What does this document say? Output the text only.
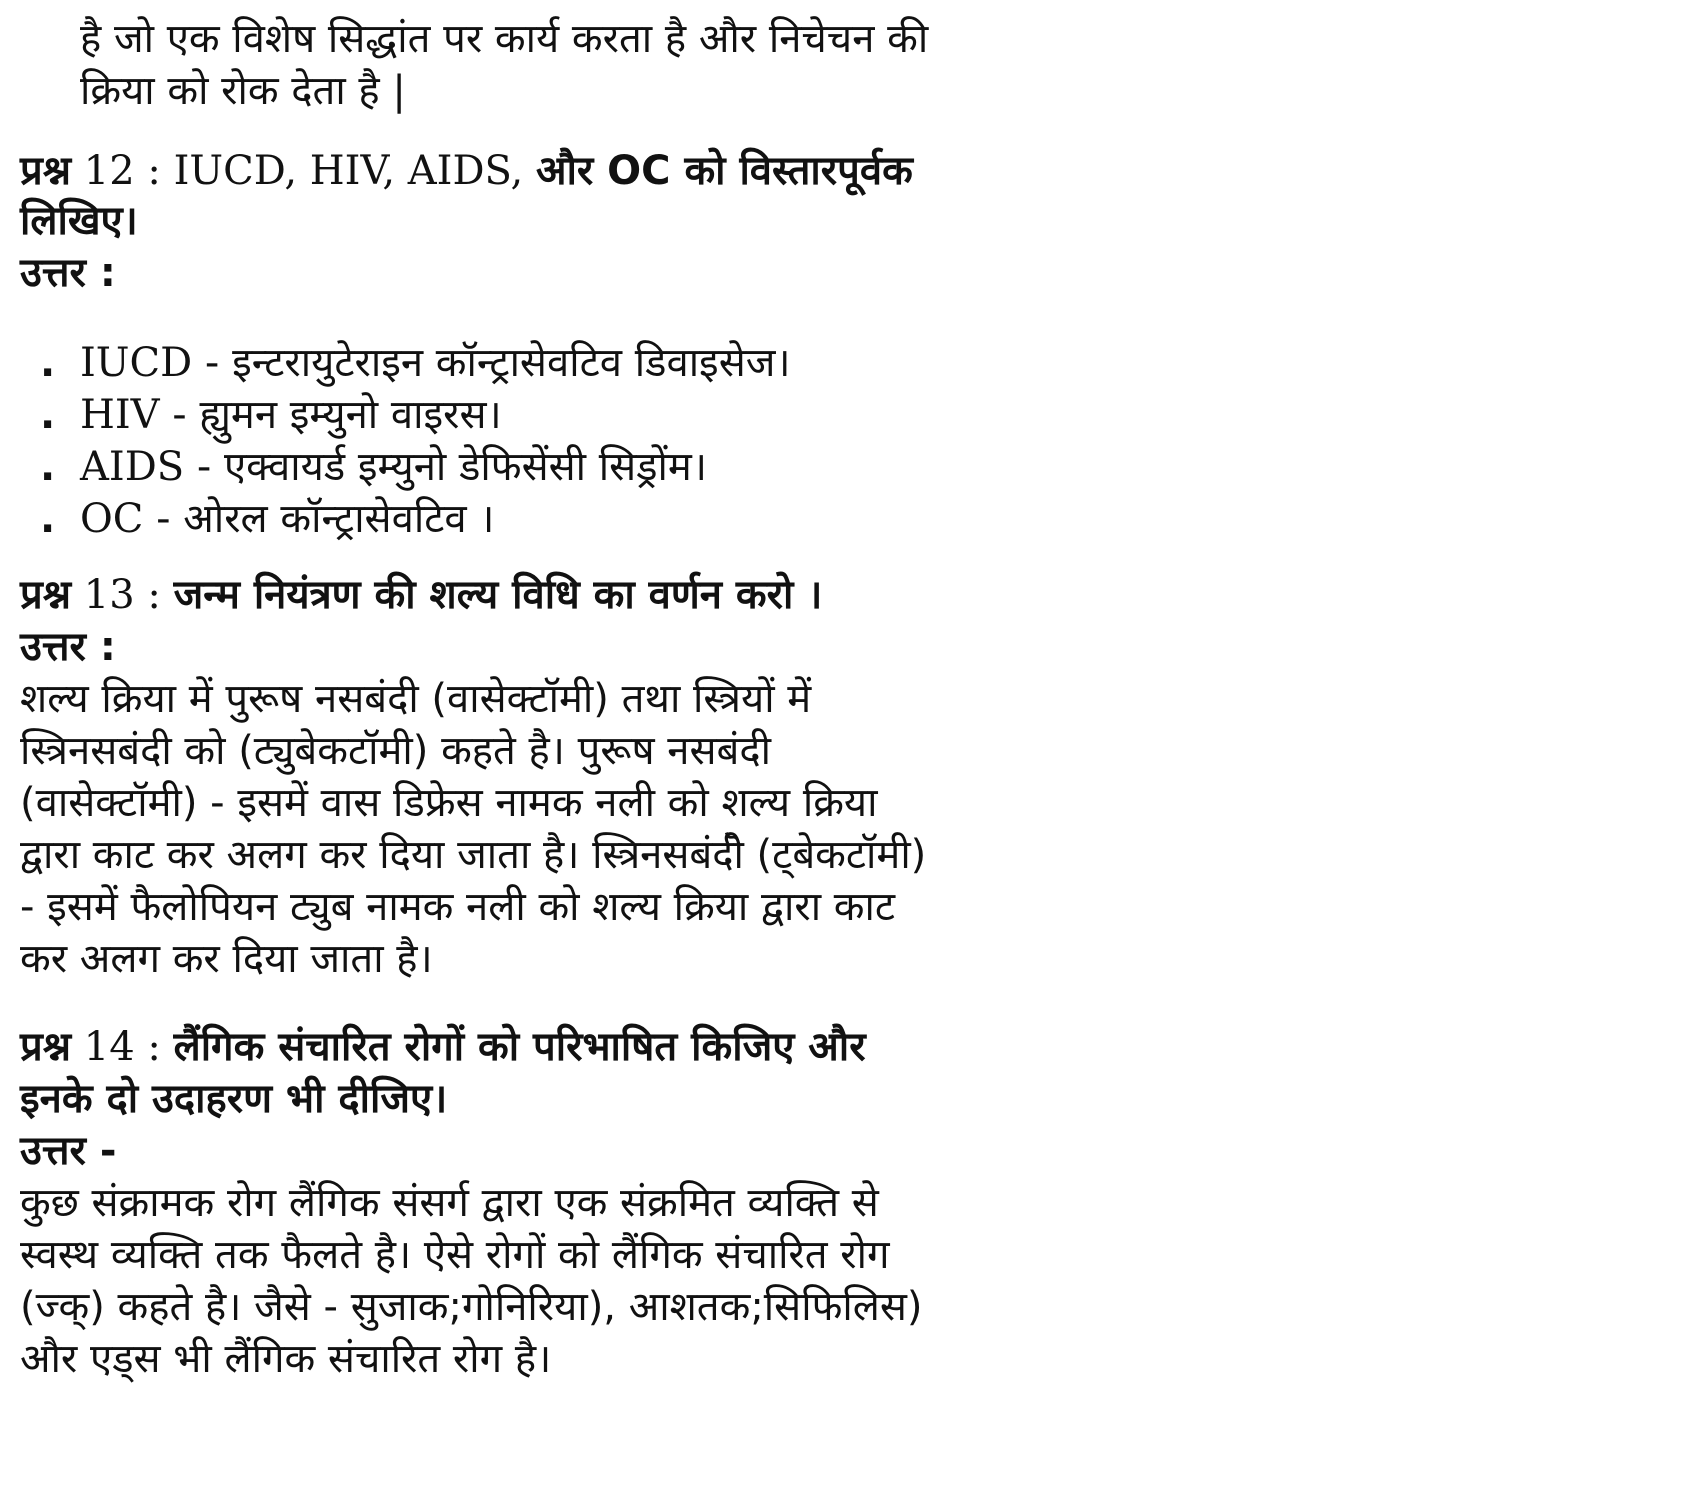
है जो एक विशेष सिद्धांत पर कार्य करता है और निचेचन की
क्रिया को रोक देता है |
प्रश्न 12 : IUCD, HIV, AIDS, और OC को विस्तारपूर्वक
लिखिए।
उत्तर :
. IUCD - इन्टरायुटेराइन कॉन्ट्रासेवटिव डिवाइसेज।
. HIV - ह्युमन इम्युनो वाइरस।
. AIDS - एक्वायर्ड इम्युनो डेफिसेंसी सिड्रोंम।
. OC - ओरल कॉन्ट्रासेवटिव ।
प्रश्न 13 : जन्म नियंत्रण की शल्य विधि का वर्णन करो ।
उत्तर :
शल्य क्रिया में पुरूष नसबंदी (वासेक्टॉमी) तथा स्त्रियों में
स्त्रिनसबंदी को (ट्युबेकटॉमी) कहते है। पुरूष नसबंदी
(वासेक्टॉमी) - इसमें वास डिफ्रेस नामक नली को शल्य क्रिया
द्वारा काट कर अलग कर दिया जाता है। स्त्रिनसबंदीॆ (ट्बेकटॉमी)
- इसमें फैलोपियन ट्युब नामक नली को शल्य क्रिया द्वारा काट
कर अलग कर दिया जाता है।
प्रश्न 14 : लैंगिक संचारित रोगों को परिभाषित किजिए और
इनके दो उदाहरण भी दीजिए।
उत्तर -
कुछ संक्रामक रोग लैंगिक संसर्ग द्वारा एक संक्रमित व्यक्ति से
स्वस्थ व्यक्ति तक फैलते है। ऐसे रोगों को लैंगिक संचारित रोग
(ज्क्) कहते है। जैसे - सुजाक;गोनिरिया), आशतक;सिफिलिस)
और एड्स भी लैंगिक संचारित रोग है।
